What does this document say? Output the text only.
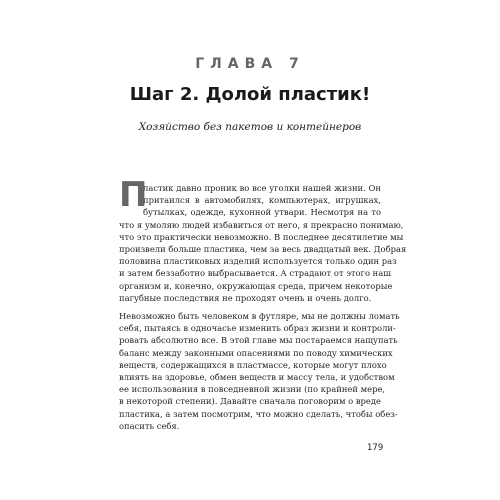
ГЛАВА 7
Шаг 2. Долой пластик!
Хозяйство без пакетов и контейнеров
П
ластик давно проник во все уголки нашей жизни. Он
притаился в автомобилях, компьютерах, игрушках,
бутылках, одежде, кухонной утвари. Несмотря на то
что я умоляю людей избавиться от него, я прекрасно понимаю,
что это практически невозможно. В последнее десятилетие мы
произвели больше пластика, чем за весь двадцатый век. Добрая
половина пластиковых изделий используется только один раз
и затем беззаботно выбрасывается. А страдают от этого наш
организм и, конечно, окружающая среда, причем некоторые
пагубные последствия не проходят очень и очень долго.
Невозможно быть человеком в футляре, мы не должны ломать
себя, пытаясь в одночасье изменить образ жизни и контроли-
ровать абсолютно все. В этой главе мы постараемся нащупать
баланс между законными опасениями по поводу химических
веществ, содержащихся в пластмассе, которые могут плохо
влиять на здоровье, обмен веществ и массу тела, и удобством
ее использования в повседневной жизни (по крайней мере,
в некоторой степени). Давайте сначала поговорим о вреде
пластика, а затем посмотрим, что можно сделать, чтобы обез-
опасить себя.
179
